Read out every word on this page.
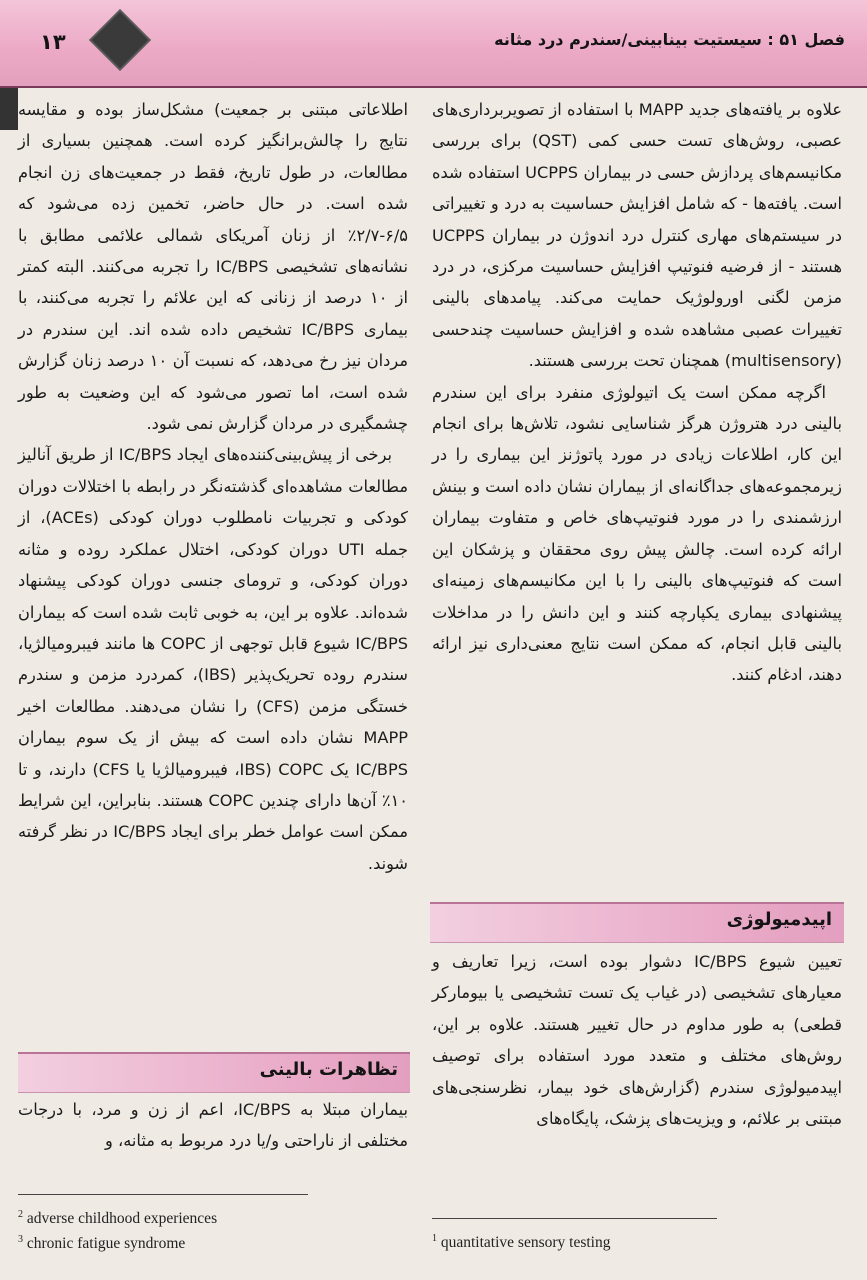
۱۳	فصل ۵۱ : سیستیت بینابینی/سندرم درد مثانه

علاوه بر یافته‌های جدید MAPP با استفاده از تصویربرداری‌های عصبی، روش‌های تست حسی کمی (QST) برای بررسی مکانیسم‌های پردازش حسی در بیماران UCPPS استفاده شده است. یافته‌ها - که شامل افزایش حساسیت به درد و تغییراتی در سیستم‌های مهاری کنترل درد اندوژن در بیماران UCPPS هستند - از فرضیه فنوتیپ افزایش حساسیت مرکزی، در درد مزمن لگنی اورولوژیک حمایت می‌کند. پیامدهای بالینی تغییرات عصبی مشاهده شده و افزایش حساسیت چندحسی (multisensory) همچنان تحت بررسی هستند.

اگرچه ممکن است یک اتیولوژی منفرد برای این سندرم بالینی درد هتروژن هرگز شناسایی نشود، تلاش‌ها برای انجام این کار، اطلاعات زیادی در مورد پاتوژنز این بیماری را در زیرمجموعه‌های جداگانه‌ای از بیماران نشان داده است و بینش ارزشمندی را در مورد فنوتیپ‌های خاص و متفاوت بیماران ارائه کرده است. چالش پیش روی محققان و پزشکان این است که فنوتیپ‌های بالینی را با این مکانیسم‌های زمینه‌ای پیشنهادی بیماری یکپارچه کنند و این دانش را در مداخلات بالینی قابل انجام، که ممکن است نتایج معنی‌داری نیز ارائه دهند، ادغام کنند.

اپیدمیولوژی

تعیین شیوع IC/BPS دشوار بوده است، زیرا تعاریف و معیارهای تشخیصی (در غیاب یک تست تشخیصی یا بیومارکر قطعی) به طور مداوم در حال تغییر هستند. علاوه بر این، روش‌های مختلف و متعدد مورد استفاده برای توصیف اپیدمیولوژی سندرم (گزارش‌های خود بیمار، نظرسنجی‌های مبتنی بر علائم، و ویزیت‌های پزشک، پایگاه‌های

$^1$ quantitative sensory testing

اطلاعاتی مبتنی بر جمعیت) مشکل‌ساز بوده و مقایسه نتایج را چالش‌برانگیز کرده است. همچنین بسیاری از مطالعات، در طول تاریخ، فقط در جمعیت‌های زن انجام شده است. در حال حاضر، تخمین زده می‌شود که ۶/۵-۲/۷٪ از زنان آمریکای شمالی علائمی مطابق با نشانه‌های تشخیصی IC/BPS را تجربه می‌کنند. البته کمتر از ۱۰ درصد از زنانی که این علائم را تجربه می‌کنند، با بیماری IC/BPS تشخیص داده شده اند. این سندرم در مردان نیز رخ می‌دهد، که نسبت آن ۱۰ درصد زنان گزارش شده است، اما تصور می‌شود که این وضعیت به طور چشمگیری در مردان گزارش نمی شود.

برخی از پیش‌بینی‌کننده‌های ایجاد IC/BPS از طریق آنالیز مطالعات مشاهده‌ای گذشته‌نگر در رابطه با اختلالات دوران کودکی و تجربیات نامطلوب دوران کودکی (ACEs)، از جمله UTI دوران کودکی، اختلال عملکرد روده و مثانه دوران کودکی، و ترومای جنسی دوران کودکی پیشنهاد شده‌اند. علاوه بر این، به خوبی ثابت شده است که بیماران IC/BPS شیوع قابل توجهی از COPC ها مانند فیبرومیالژیا، سندرم روده تحریک‌پذیر (IBS)، کمردرد مزمن و سندرم خستگی مزمن (CFS) را نشان می‌دهند. مطالعات اخیر MAPP نشان داده است که بیش از یک سوم بیماران IC/BPS یک COPC (IBS، فیبرومیالژیا یا CFS) دارند، و تا ۱۰٪ آن‌ها دارای چندین COPC هستند. بنابراین، این شرایط ممکن است عوامل خطر برای ایجاد IC/BPS در نظر گرفته شوند.

تظاهرات بالینی

بیماران مبتلا به IC/BPS، اعم از زن و مرد، با درجات مختلفی از ناراحتی و/یا درد مربوط به مثانه، و

$^2$ adverse childhood experiences
$^3$ chronic fatigue syndrome
